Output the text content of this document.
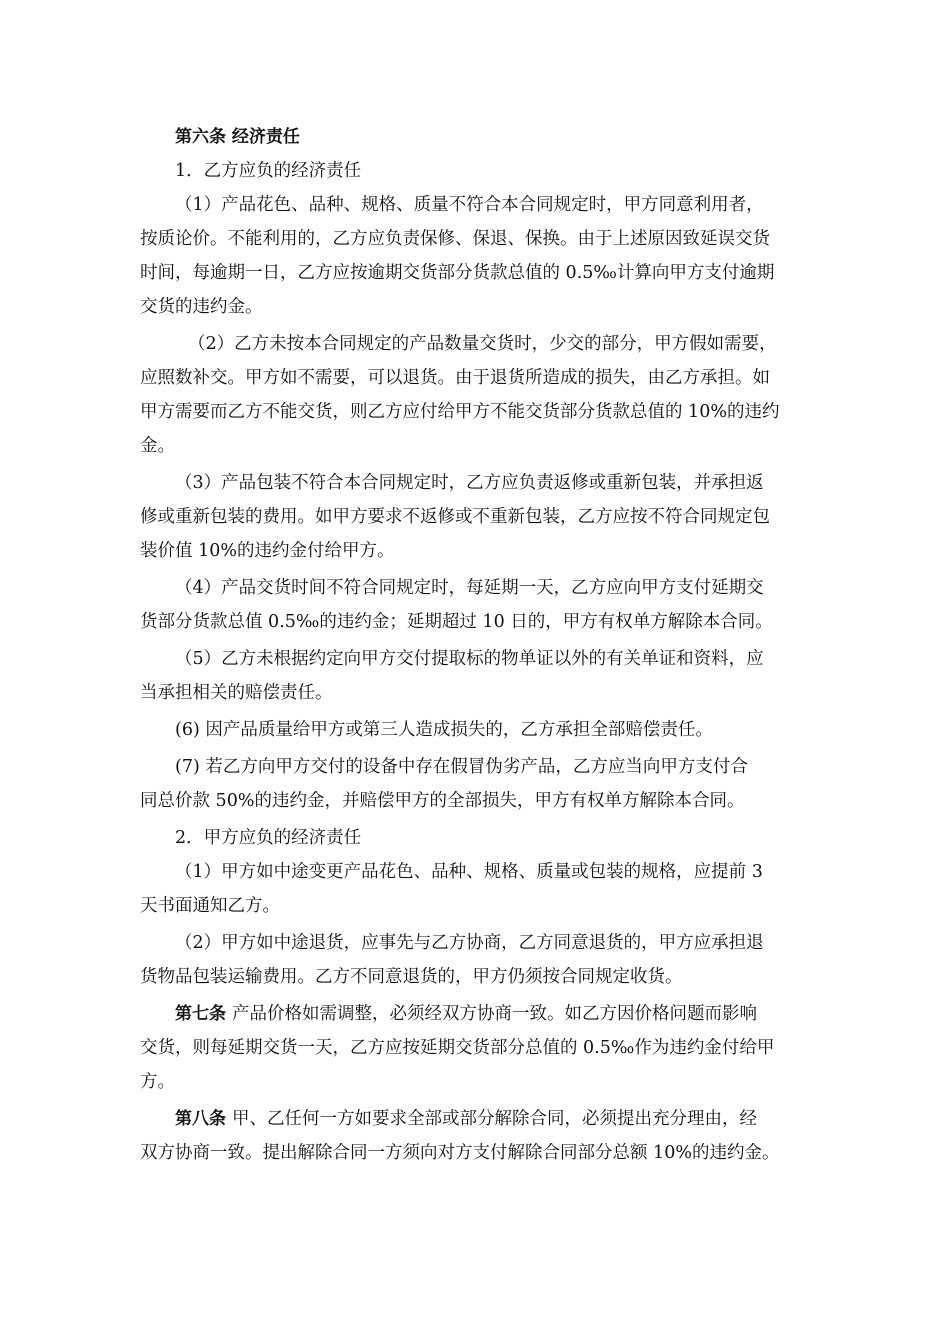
第六条 经济责任

1．乙方应负的经济责任

（1）产品花色、品种、规格、质量不符合本合同规定时，甲方同意利用者，

按质论价。不能利用的，乙方应负责保修、保退、保换。由于上述原因致延误交货

时间，每逾期一日，乙方应按逾期交货部分货款总值的 0.5‰计算向甲方支付逾期

交货的违约金。

（2）乙方未按本合同规定的产品数量交货时，少交的部分，甲方假如需要，

应照数补交。甲方如不需要，可以退货。由于退货所造成的损失，由乙方承担。如

甲方需要而乙方不能交货，则乙方应付给甲方不能交货部分货款总值的 10%的违约

金。

（3）产品包装不符合本合同规定时，乙方应负责返修或重新包装，并承担返

修或重新包装的费用。如甲方要求不返修或不重新包装，乙方应按不符合同规定包

装价值 10%的违约金付给甲方。

（4）产品交货时间不符合同规定时，每延期一天，乙方应向甲方支付延期交

货部分货款总值 0.5‰的违约金；延期超过 10 日的，甲方有权单方解除本合同。

（5）乙方未根据约定向甲方交付提取标的物单证以外的有关单证和资料，应

当承担相关的赔偿责任。

(6) 因产品质量给甲方或第三人造成损失的，乙方承担全部赔偿责任。

(7) 若乙方向甲方交付的设备中存在假冒伪劣产品，乙方应当向甲方支付合

同总价款 50%的违约金，并赔偿甲方的全部损失，甲方有权单方解除本合同。

2．甲方应负的经济责任

（1）甲方如中途变更产品花色、品种、规格、质量或包装的规格，应提前 3

天书面通知乙方。

（2）甲方如中途退货，应事先与乙方协商，乙方同意退货的，甲方应承担退

货物品包装运输费用。乙方不同意退货的，甲方仍须按合同规定收货。

第七条 产品价格如需调整，必须经双方协商一致。如乙方因价格问题而影响

交货，则每延期交货一天，乙方应按延期交货部分总值的 0.5‰作为违约金付给甲

方。

第八条 甲、乙任何一方如要求全部或部分解除合同，必须提出充分理由，经

双方协商一致。提出解除合同一方须向对方支付解除合同部分总额 10%的违约金。
